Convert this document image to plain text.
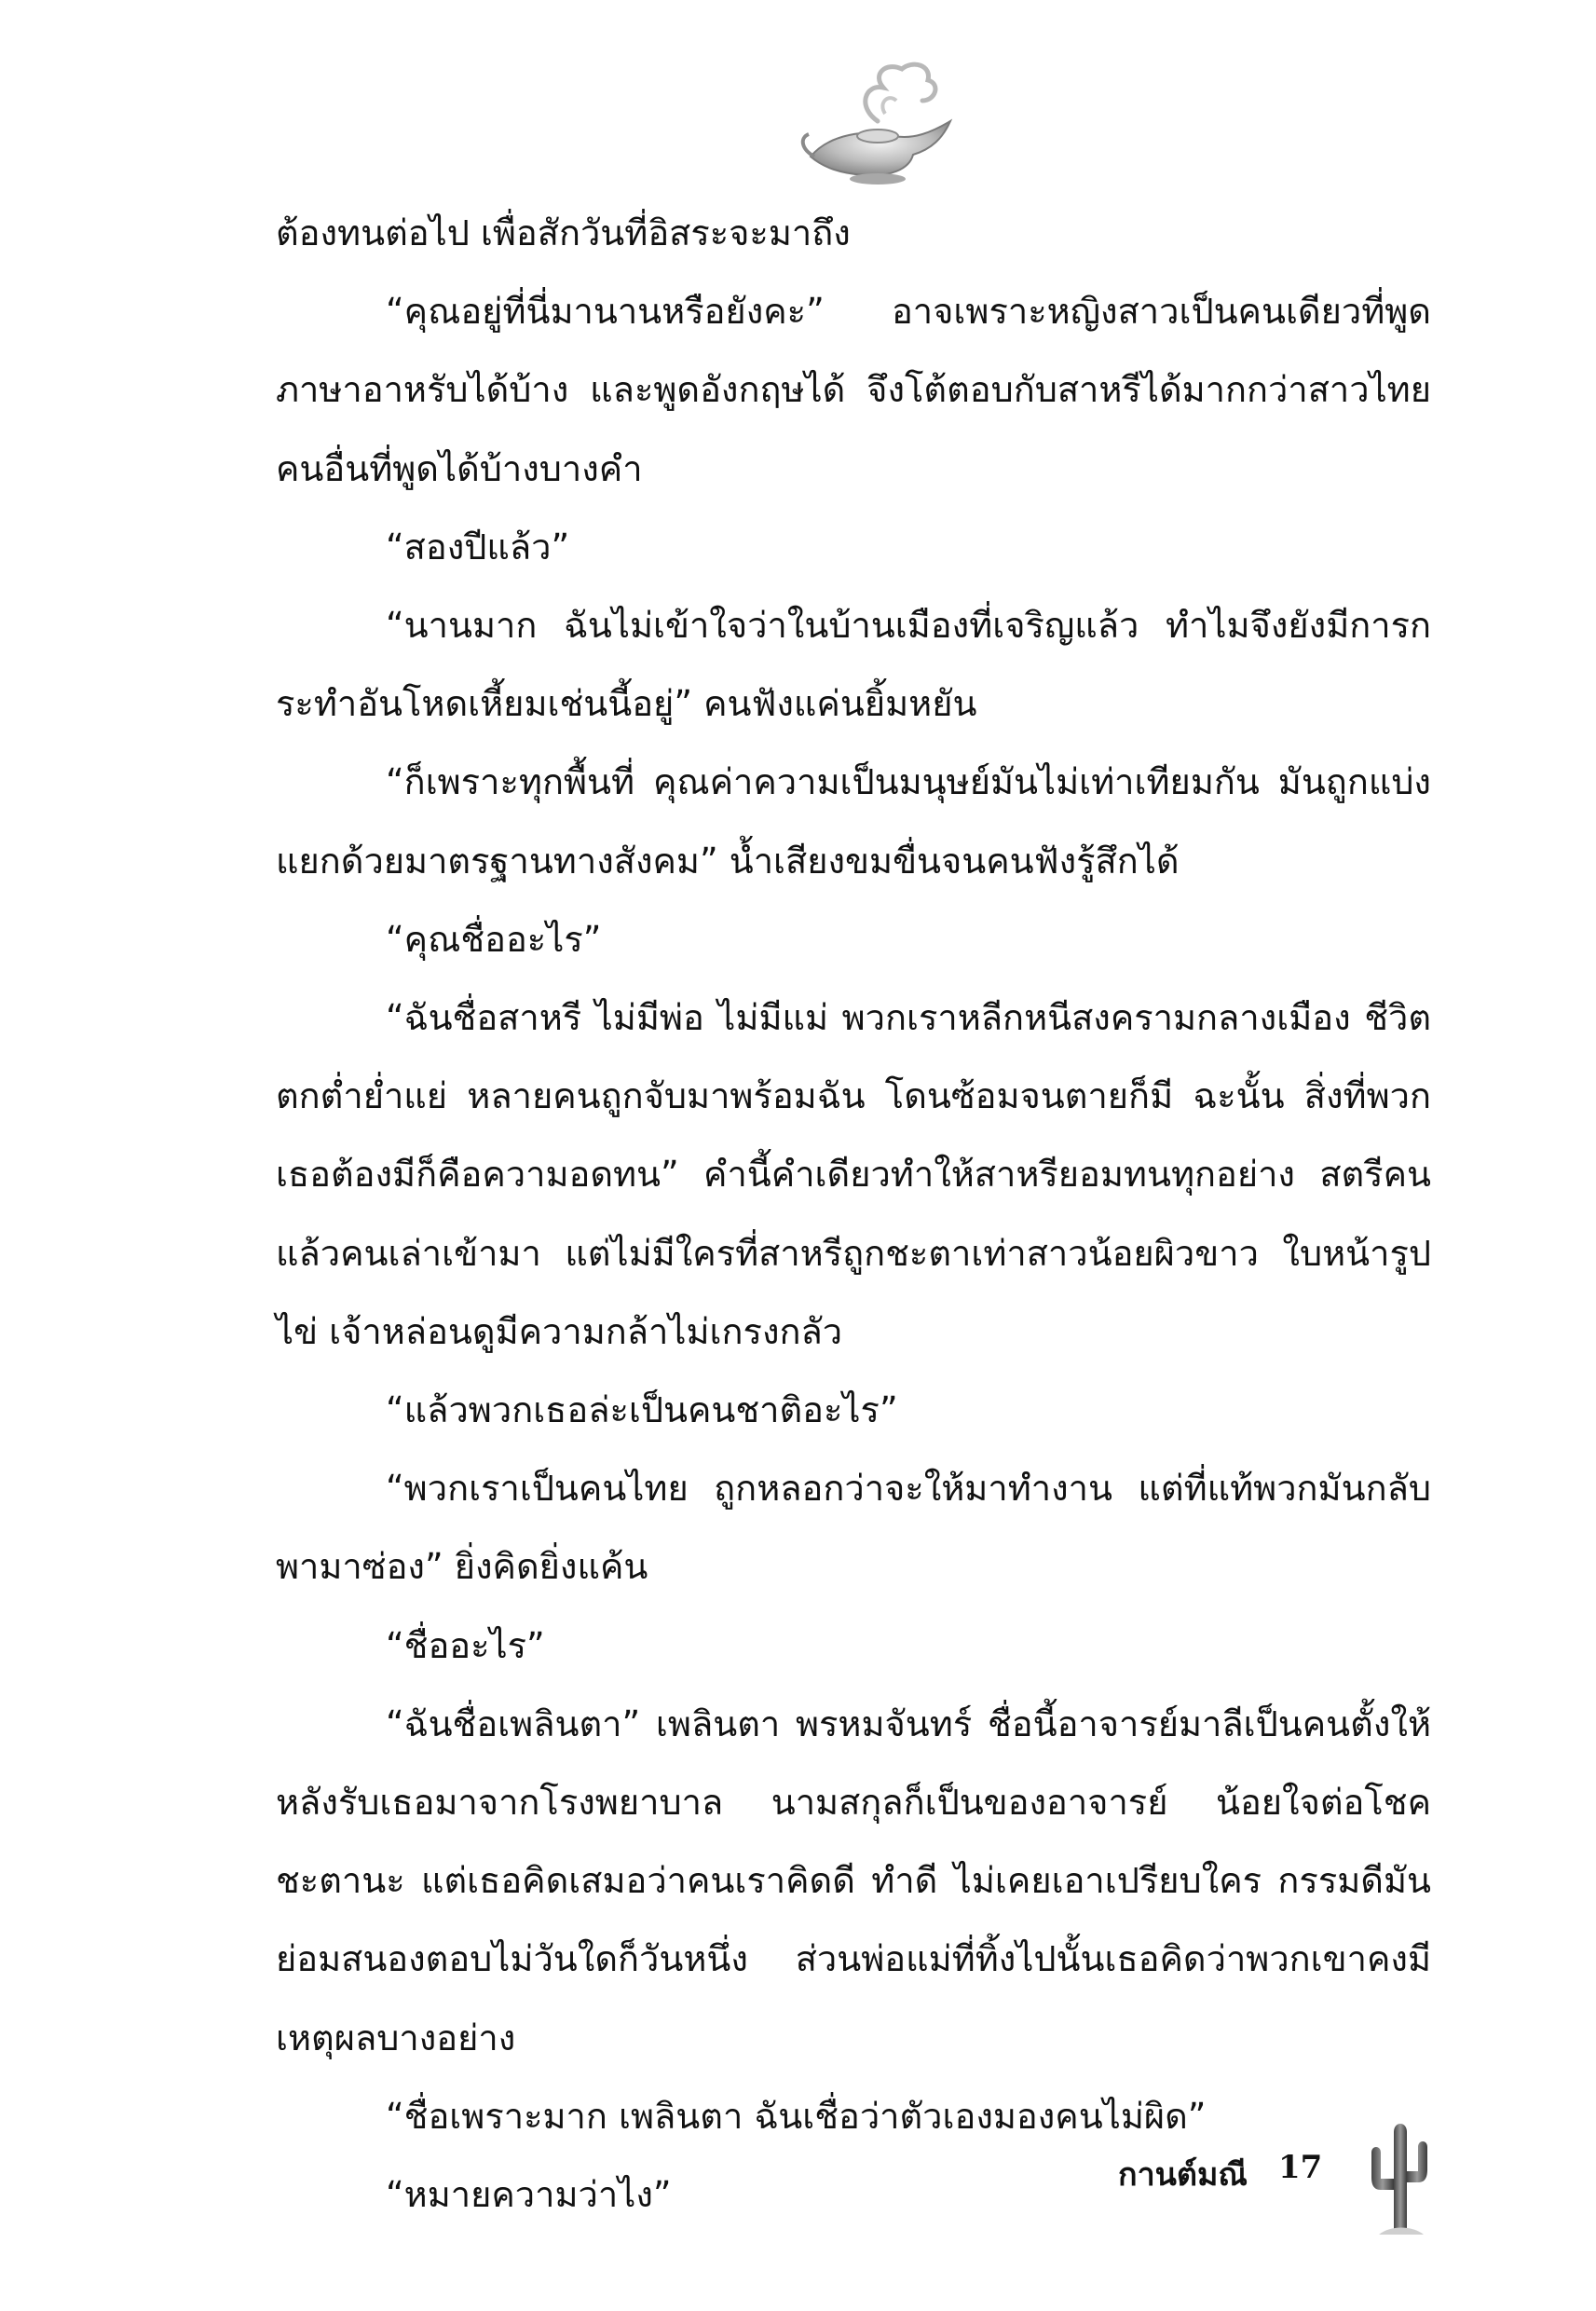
ต้องทนต่อไป เพื่อสักวันที่อิสระจะมาถึง

“คุณอยู่ที่นี่มานานหรือยังคะ” อาจเพราะหญิงสาวเป็นคนเดียวที่พูดภาษาอาหรับได้บ้าง และพูดอังกฤษได้ จึงโต้ตอบกับสาหรีได้มากกว่าสาวไทยคนอื่นที่พูดได้บ้างบางคำ

“สองปีแล้ว”

“นานมาก ฉันไม่เข้าใจว่าในบ้านเมืองที่เจริญแล้ว ทำไมจึงยังมีการกระทำอันโหดเหี้ยมเช่นนี้อยู่” คนฟังแค่นยิ้มหยัน

“ก็เพราะทุกพื้นที่ คุณค่าความเป็นมนุษย์มันไม่เท่าเทียมกัน มันถูกแบ่งแยกด้วยมาตรฐานทางสังคม” น้ำเสียงขมขื่นจนคนฟังรู้สึกได้

“คุณชื่ออะไร”

“ฉันชื่อสาหรี ไม่มีพ่อ ไม่มีแม่ พวกเราหลีกหนีสงครามกลางเมือง ชีวิตตกต่ำย่ำแย่ หลายคนถูกจับมาพร้อมฉัน โดนซ้อมจนตายก็มี ฉะนั้น สิ่งที่พวกเธอต้องมีก็คือความอดทน” คำนี้คำเดียวทำให้สาหรียอมทนทุกอย่าง สตรีคนแล้วคนเล่าเข้ามา แต่ไม่มีใครที่สาหรีถูกชะตาเท่าสาวน้อยผิวขาว ใบหน้ารูปไข่ เจ้าหล่อนดูมีความกล้าไม่เกรงกลัว

“แล้วพวกเธอล่ะเป็นคนชาติอะไร”

“พวกเราเป็นคนไทย ถูกหลอกว่าจะให้มาทำงาน แต่ที่แท้พวกมันกลับพามาซ่อง” ยิ่งคิดยิ่งแค้น

“ชื่ออะไร”

“ฉันชื่อเพลินตา” เพลินตา พรหมจันทร์ ชื่อนี้อาจารย์มาลีเป็นคนตั้งให้ หลังรับเธอมาจากโรงพยาบาล นามสกุลก็เป็นของอาจารย์ น้อยใจต่อโชคชะตานะ แต่เธอคิดเสมอว่าคนเราคิดดี ทำดี ไม่เคยเอาเปรียบใคร กรรมดีมันย่อมสนองตอบไม่วันใดก็วันหนึ่ง ส่วนพ่อแม่ที่ทิ้งไปนั้นเธอคิดว่าพวกเขาคงมีเหตุผลบางอย่าง

“ชื่อเพราะมาก เพลินตา ฉันเชื่อว่าตัวเองมองคนไม่ผิด”

“หมายความว่าไง”	กานต์มณี 17
